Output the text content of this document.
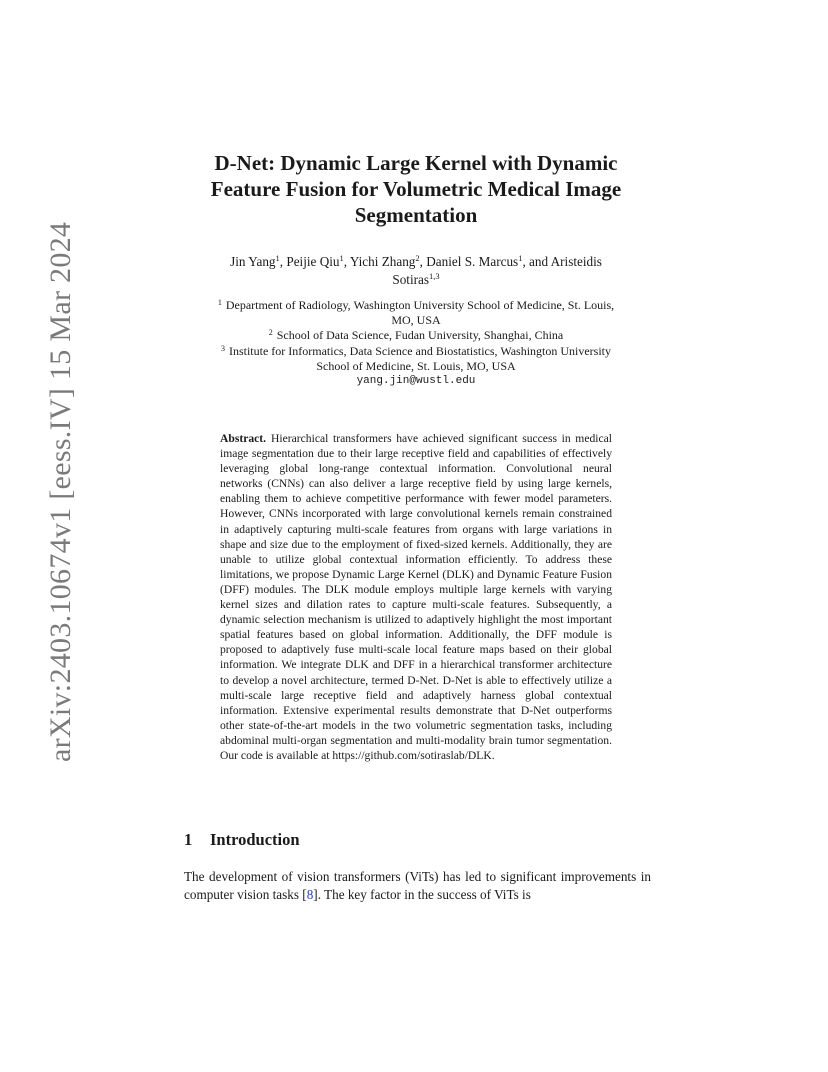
arXiv:2403.10674v1 [eess.IV] 15 Mar 2024
D-Net: Dynamic Large Kernel with Dynamic
Feature Fusion for Volumetric Medical Image
Segmentation
Jin Yang$^1$, Peijie Qiu$^1$, Yichi Zhang$^2$, Daniel S. Marcus$^1$, and Aristeidis
Sotiras$^{1,3}$
$^1$ Department of Radiology, Washington University School of Medicine, St. Louis,
MO, USA
$^2$ School of Data Science, Fudan University, Shanghai, China
$^3$ Institute for Informatics, Data Science and Biostatistics, Washington University
School of Medicine, St. Louis, MO, USA
yang.jin@wustl.edu
Abstract. Hierarchical transformers have achieved significant success in medical image segmentation due to their large receptive field and capabilities of effectively leveraging global long-range contextual information. Convolutional neural networks (CNNs) can also deliver a large receptive field by using large kernels, enabling them to achieve competitive performance with fewer model parameters. However, CNNs incorporated with large convolutional kernels remain constrained in adaptively capturing multi-scale features from organs with large variations in shape and size due to the employment of fixed-sized kernels. Additionally, they are unable to utilize global contextual information efficiently. To address these limitations, we propose Dynamic Large Kernel (DLK) and Dynamic Feature Fusion (DFF) modules. The DLK module employs multiple large kernels with varying kernel sizes and dilation rates to capture multi-scale features. Subsequently, a dynamic selection mechanism is utilized to adaptively highlight the most important spatial features based on global information. Additionally, the DFF module is proposed to adaptively fuse multi-scale local feature maps based on their global information. We integrate DLK and DFF in a hierarchical transformer architecture to develop a novel architecture, termed D-Net. D-Net is able to effectively utilize a multi-scale large receptive field and adaptively harness global contextual information. Extensive experimental results demonstrate that D-Net outperforms other state-of-the-art models in the two volumetric segmentation tasks, including abdominal multi-organ segmentation and multi-modality brain tumor segmentation. Our code is available at https://github.com/sotiraslab/DLK.
1 Introduction
The development of vision transformers (ViTs) has led to significant improvements in computer vision tasks [8]. The key factor in the success of ViTs is
